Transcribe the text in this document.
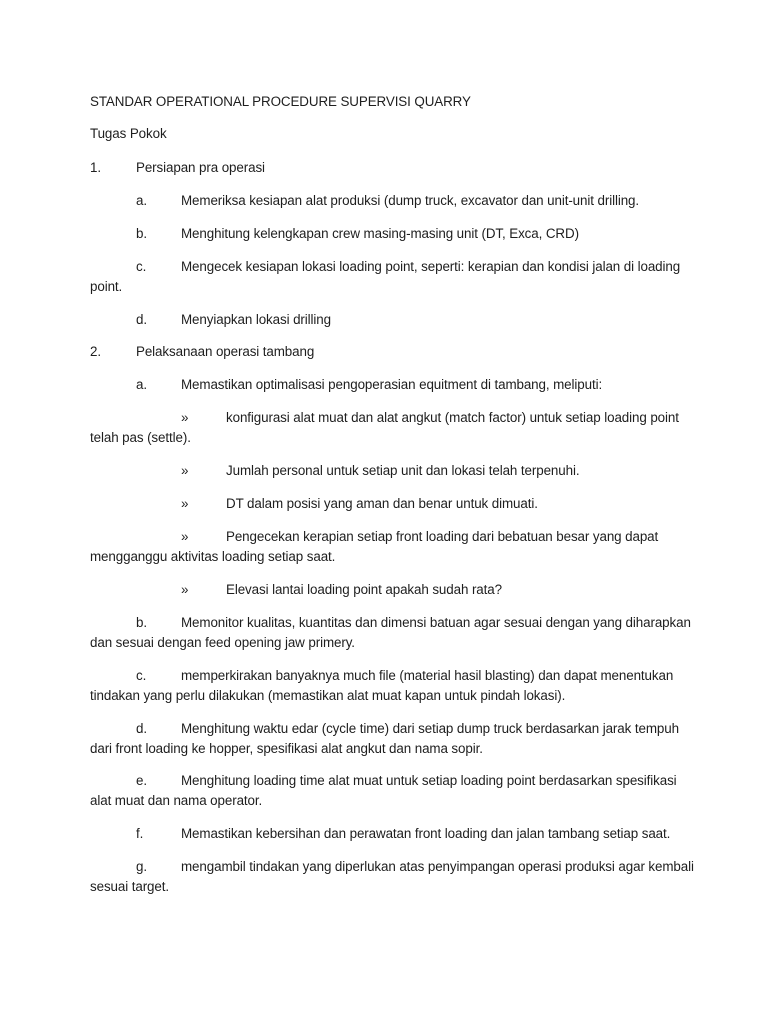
STANDAR OPERATIONAL PROCEDURE SUPERVISI QUARRY
Tugas Pokok
1.	Persiapan pra operasi
a.	Memeriksa kesiapan alat produksi (dump truck, excavator dan unit-unit drilling.
b.	Menghitung kelengkapan crew masing-masing unit (DT, Exca, CRD)
c.	Mengecek kesiapan lokasi loading point, seperti: kerapian dan kondisi jalan di loading
point.
d.	Menyiapkan lokasi drilling
2.	Pelaksanaan operasi tambang
a.	Memastikan optimalisasi pengoperasian equitment di tambang, meliputi:
»	konfigurasi alat muat dan alat angkut (match factor) untuk setiap loading point
telah pas (settle).
»	Jumlah personal untuk setiap unit dan lokasi telah terpenuhi.
»	DT dalam posisi yang aman dan benar untuk dimuati.
»	Pengecekan kerapian setiap front loading dari bebatuan besar yang dapat
mengganggu aktivitas loading setiap saat.
»	Elevasi lantai loading point apakah sudah rata?
b.	Memonitor kualitas, kuantitas dan dimensi batuan agar sesuai dengan yang diharapkan
dan sesuai dengan feed opening jaw primery.
c.	memperkirakan banyaknya much file (material hasil blasting) dan dapat menentukan
tindakan yang perlu dilakukan (memastikan alat muat kapan untuk pindah lokasi).
d.	Menghitung waktu edar (cycle time) dari setiap dump truck berdasarkan jarak tempuh
dari front loading ke hopper, spesifikasi alat angkut dan nama sopir.
e.	Menghitung loading time alat muat untuk setiap loading point berdasarkan spesifikasi
alat muat dan nama operator.
f.	Memastikan kebersihan dan perawatan front loading dan jalan tambang setiap saat.
g.	mengambil tindakan yang diperlukan atas penyimpangan operasi produksi agar kembali
sesuai target.
